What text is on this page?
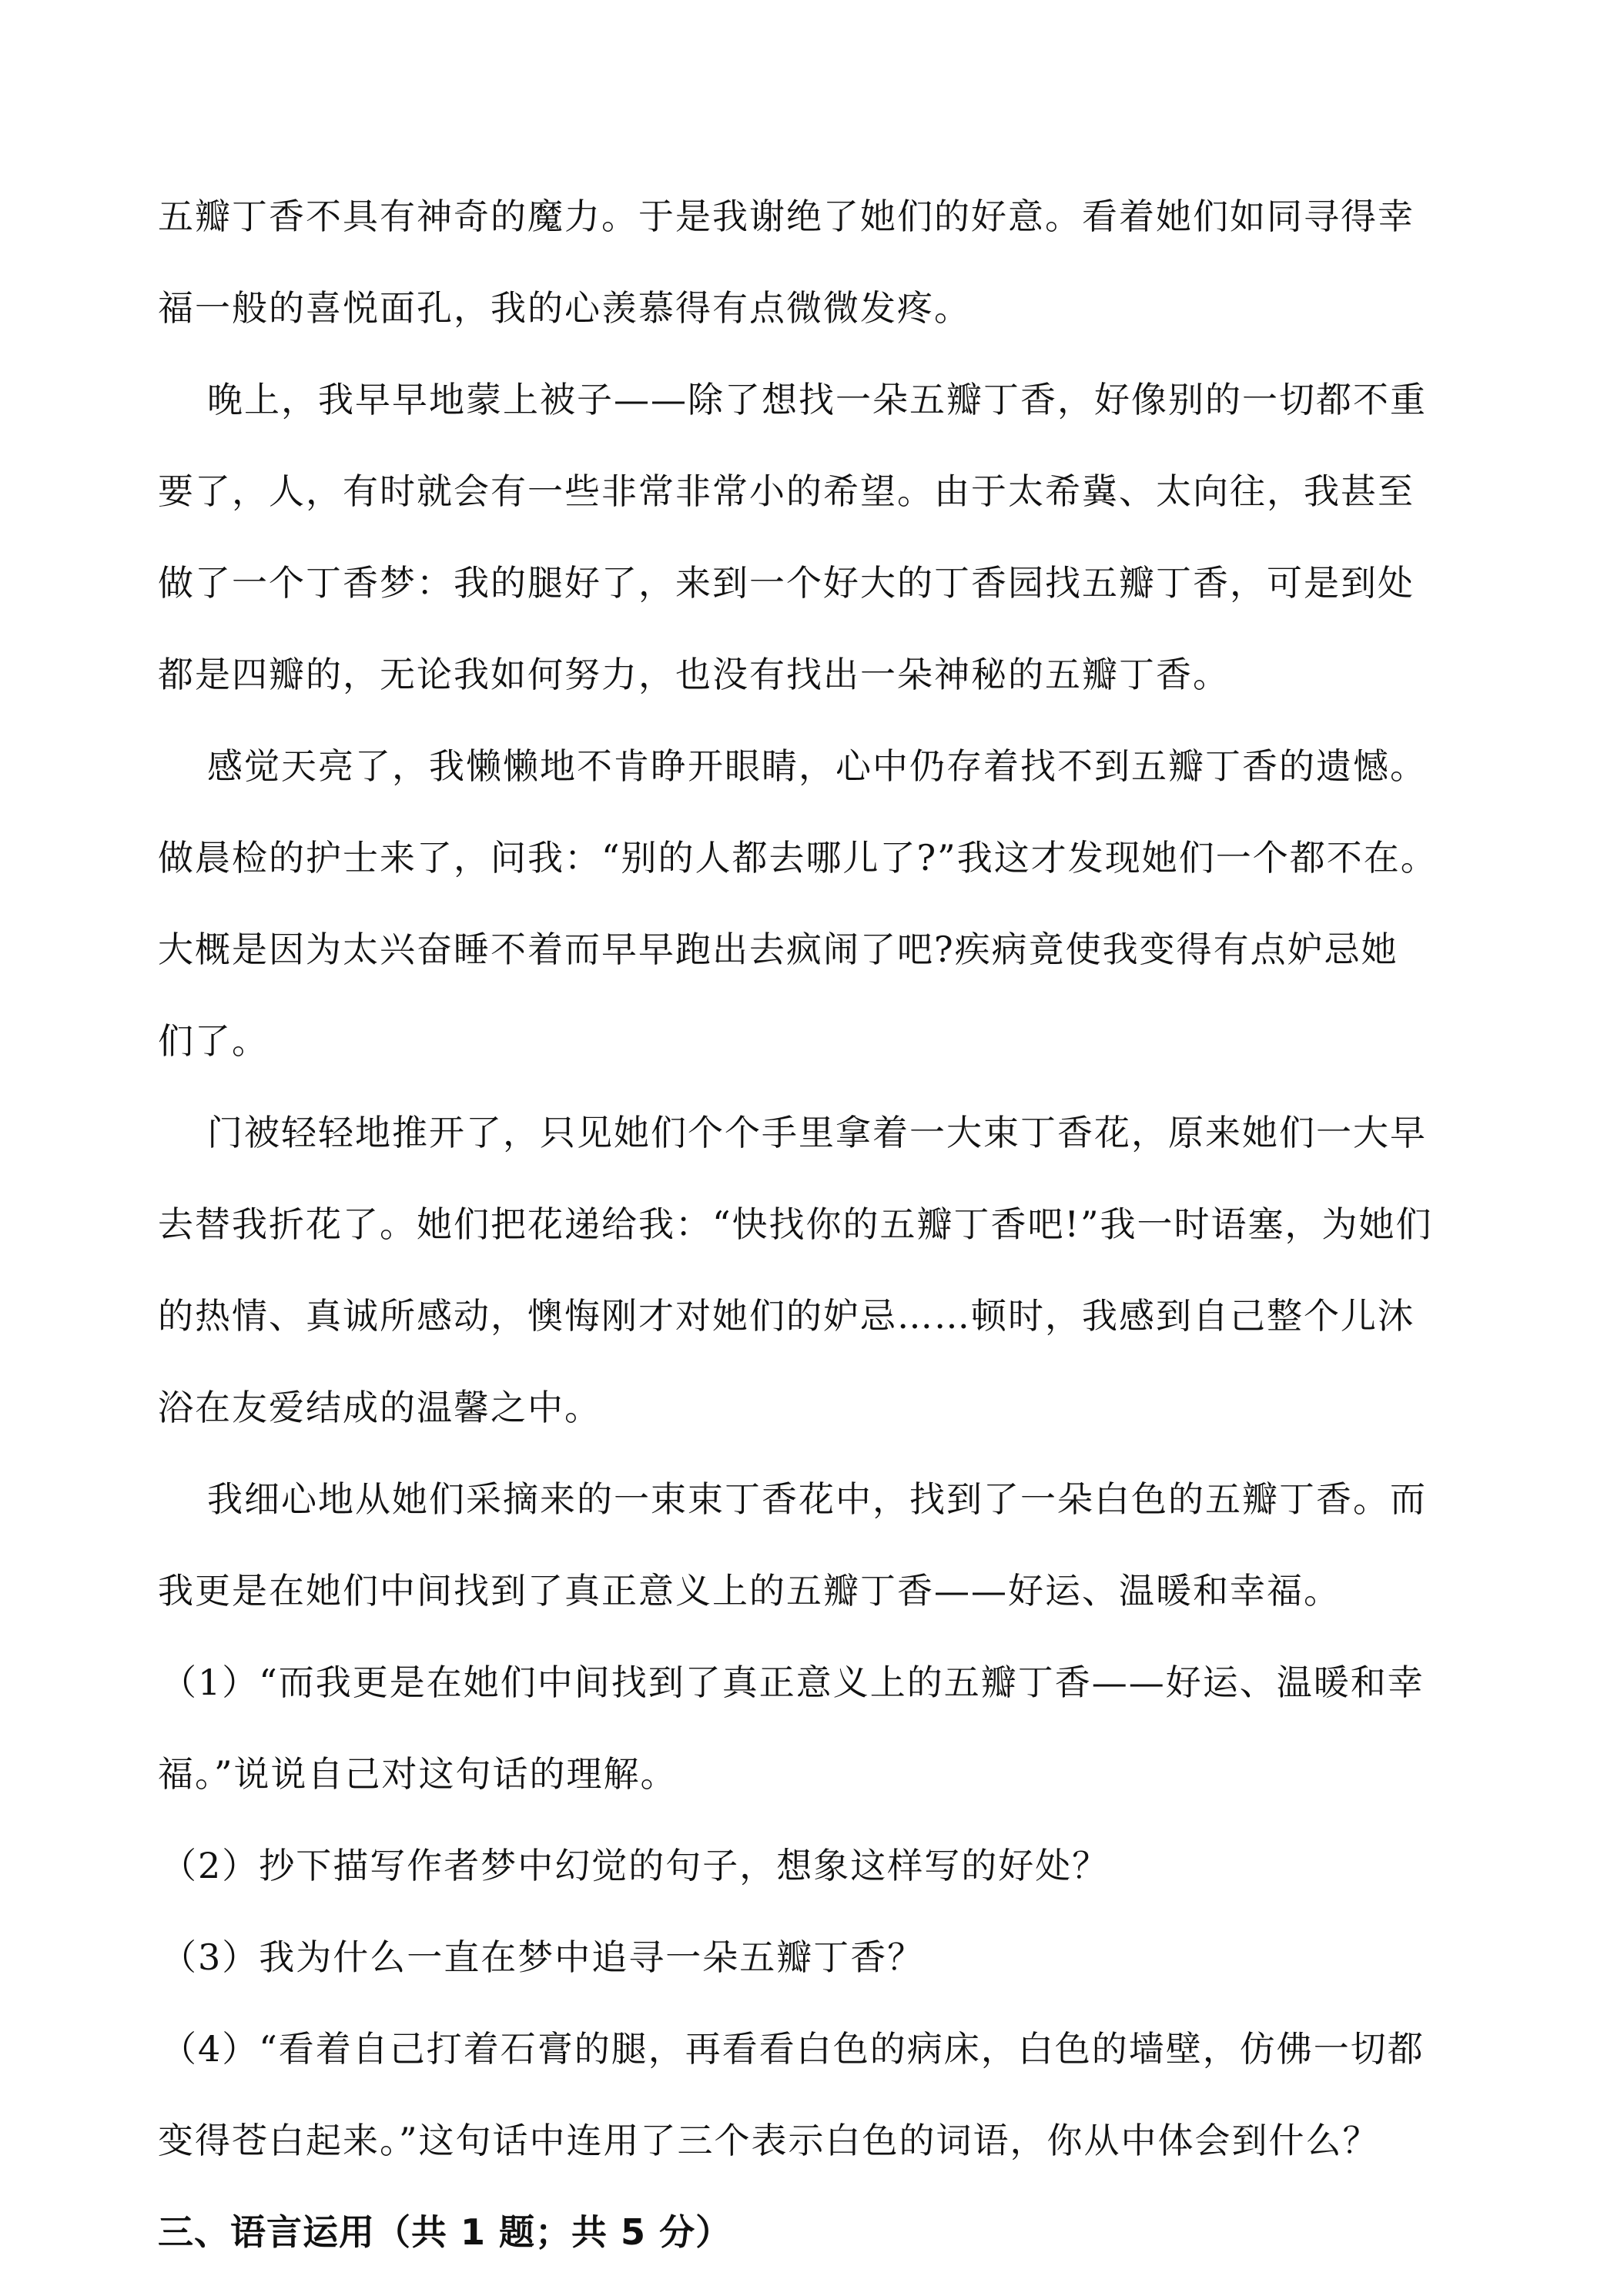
五瓣丁香不具有神奇的魔力。于是我谢绝了她们的好意。看着她们如同寻得幸
福一般的喜悦面孔，我的心羡慕得有点微微发疼。
晚上，我早早地蒙上被子——除了想找一朵五瓣丁香，好像别的一切都不重
要了，人，有时就会有一些非常非常小的希望。由于太希冀、太向往，我甚至
做了一个丁香梦：我的腿好了，来到一个好大的丁香园找五瓣丁香，可是到处
都是四瓣的，无论我如何努力，也没有找出一朵神秘的五瓣丁香。
感觉天亮了，我懒懒地不肯睁开眼睛，心中仍存着找不到五瓣丁香的遗憾。
做晨检的护士来了，问我：“别的人都去哪儿了?”我这才发现她们一个都不在。
大概是因为太兴奋睡不着而早早跑出去疯闹了吧?疾病竟使我变得有点妒忌她
们了。
门被轻轻地推开了，只见她们个个手里拿着一大束丁香花，原来她们一大早
去替我折花了。她们把花递给我：“快找你的五瓣丁香吧!”我一时语塞，为她们
的热情、真诚所感动，懊悔刚才对她们的妒忌……顿时，我感到自己整个儿沐
浴在友爱结成的温馨之中。
我细心地从她们采摘来的一束束丁香花中，找到了一朵白色的五瓣丁香。而
我更是在她们中间找到了真正意义上的五瓣丁香——好运、温暖和幸福。
（1）“而我更是在她们中间找到了真正意义上的五瓣丁香——好运、温暖和幸
福。”说说自己对这句话的理解。
（2）抄下描写作者梦中幻觉的句子，想象这样写的好处？
（3）我为什么一直在梦中追寻一朵五瓣丁香？
（4）“看着自己打着石膏的腿，再看看白色的病床，白色的墙壁，仿佛一切都
变得苍白起来。”这句话中连用了三个表示白色的词语，你从中体会到什么？
三、语言运用（共 1 题；共 5 分）
